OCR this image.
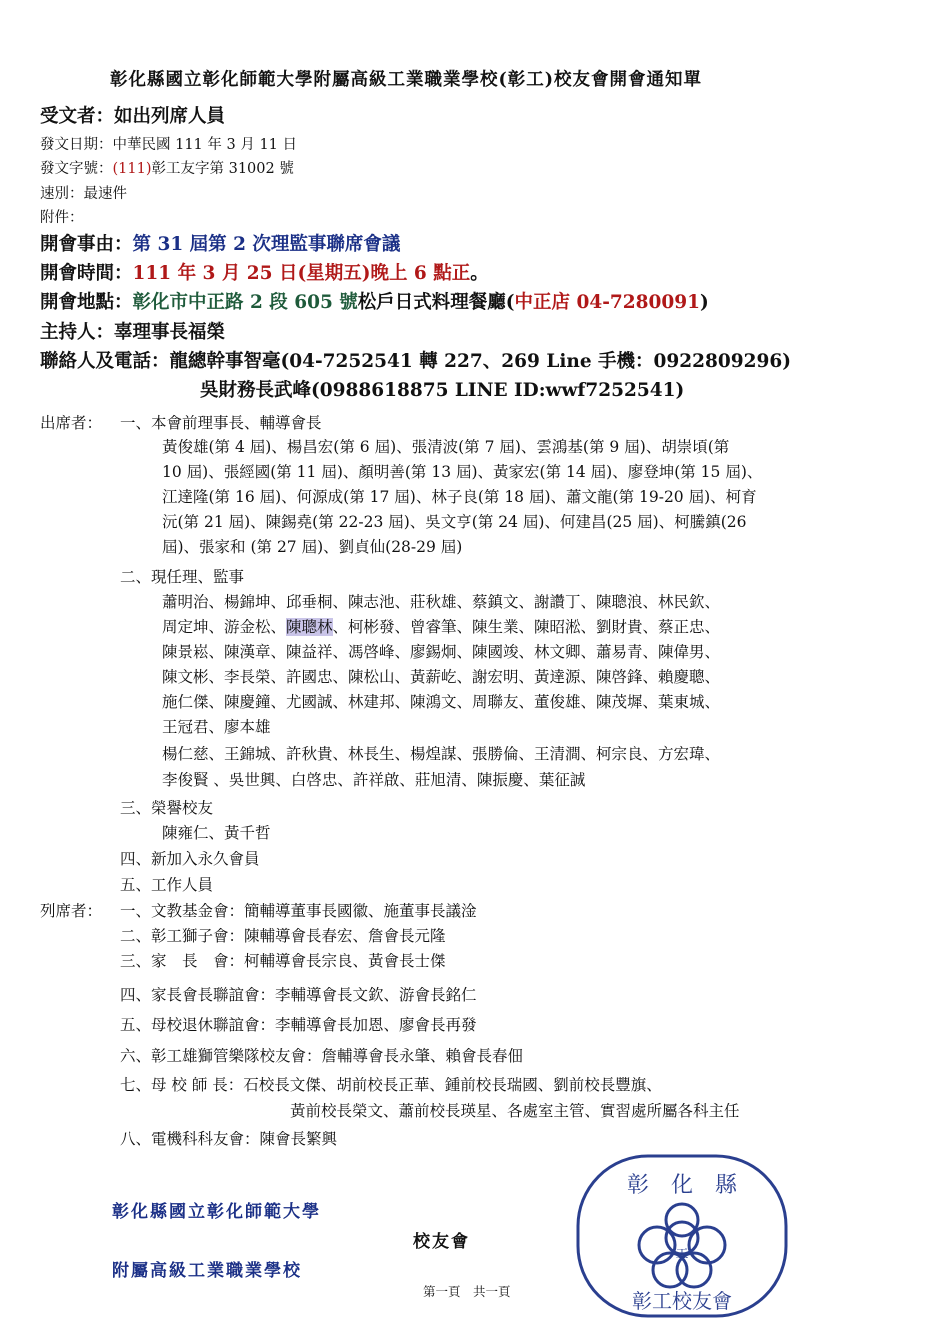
彰化縣國立彰化師範大學附屬高級工業職業學校(彰工)校友會開會通知單
受文者：如出列席人員
發文日期：中華民國 111 年 3 月 11 日
發文字號：(111)彰工友字第 31002 號
速別：最速件
附件：
開會事由：第 31 屆第 2 次理監事聯席會議
開會時間：111 年 3 月 25 日(星期五)晚上 6 點正。
開會地點：彰化市中正路 2 段 605 號松戶日式料理餐廳(中正店 04-7280091)
主持人：辜理事長福榮
聯絡人及電話：龍總幹事智毫(04-7252541 轉 227、269 Line 手機：0922809296)
吳財務長武峰(0988618875 LINE ID:wwf7252541)
出席者： 一、本會前理事長、輔導會長
黃俊雄(第 4 屆)、楊昌宏(第 6 屆)、張清波(第 7 屆)、雲鴻基(第 9 屆)、胡崇頃(第
10 屆)、張經國(第 11 屆)、顏明善(第 13 屆)、黃家宏(第 14 屆)、廖登坤(第 15 屆)、
江達隆(第 16 屆)、何源成(第 17 屆)、林子良(第 18 屆)、蕭文龍(第 19-20 屆)、柯育
沅(第 21 屆)、陳錫堯(第 22-23 屆)、吳文亨(第 24 屆)、何建昌(25 屆)、柯騰鎮(26
屆)、張家和 (第 27 屆)、劉貞仙(28-29 屆)
二、現任理、監事
蕭明治、楊錦坤、邱垂桐、陳志池、莊秋雄、蔡鎮文、謝讚丁、陳聰浪、林民欽、
周定坤、游金松、陳聰林、柯彬發、曾睿筆、陳生業、陳昭淞、劉財貴、蔡正忠、
陳景崧、陳漢章、陳益祥、馮啓峰、廖錫炯、陳國竣、林文卿、蕭易青、陳偉男、
陳文彬、李長榮、許國忠、陳松山、黃薪屹、謝宏明、黃達源、陳啓鋒、賴慶聰、
施仁傑、陳慶鐘、尤國誠、林建邦、陳鴻文、周聯友、董俊雄、陳茂墀、葉東城、
王冠君、廖本雄
楊仁慈、王錦城、許秋貴、林長生、楊煌謀、張勝倫、王清澗、柯宗良、方宏瑋、
李俊賢 、吳世興、白啓忠、許祥啟、莊旭清、陳振慶、葉征誠
三、榮譽校友
陳雍仁、黃千哲
四、新加入永久會員
五、工作人員
列席者： 一、文教基金會：簡輔導董事長國徽、施董事長議淦
二、彰工獅子會：陳輔導會長春宏、詹會長元隆
三、家　長　會：柯輔導會長宗良、黃會長士傑
四、家長會長聯誼會：李輔導會長文欽、游會長銘仁
五、母校退休聯誼會：李輔導會長加恩、廖會長再發
六、彰工雄獅管樂隊校友會：詹輔導會長永肇、賴會長春佃
七、母 校 師 長：石校長文傑、胡前校長正華、鍾前校長瑞國、劉前校長豐旗、
黃前校長榮文、蕭前校長瑛星、各處室主管、實習處所屬各科主任
八、電機科科友會：陳會長繁興
彰化縣國立彰化師範大學
附屬高級工業職業學校
校友會
第一頁　共一頁
彰　化　縣
工
彰工校友會
